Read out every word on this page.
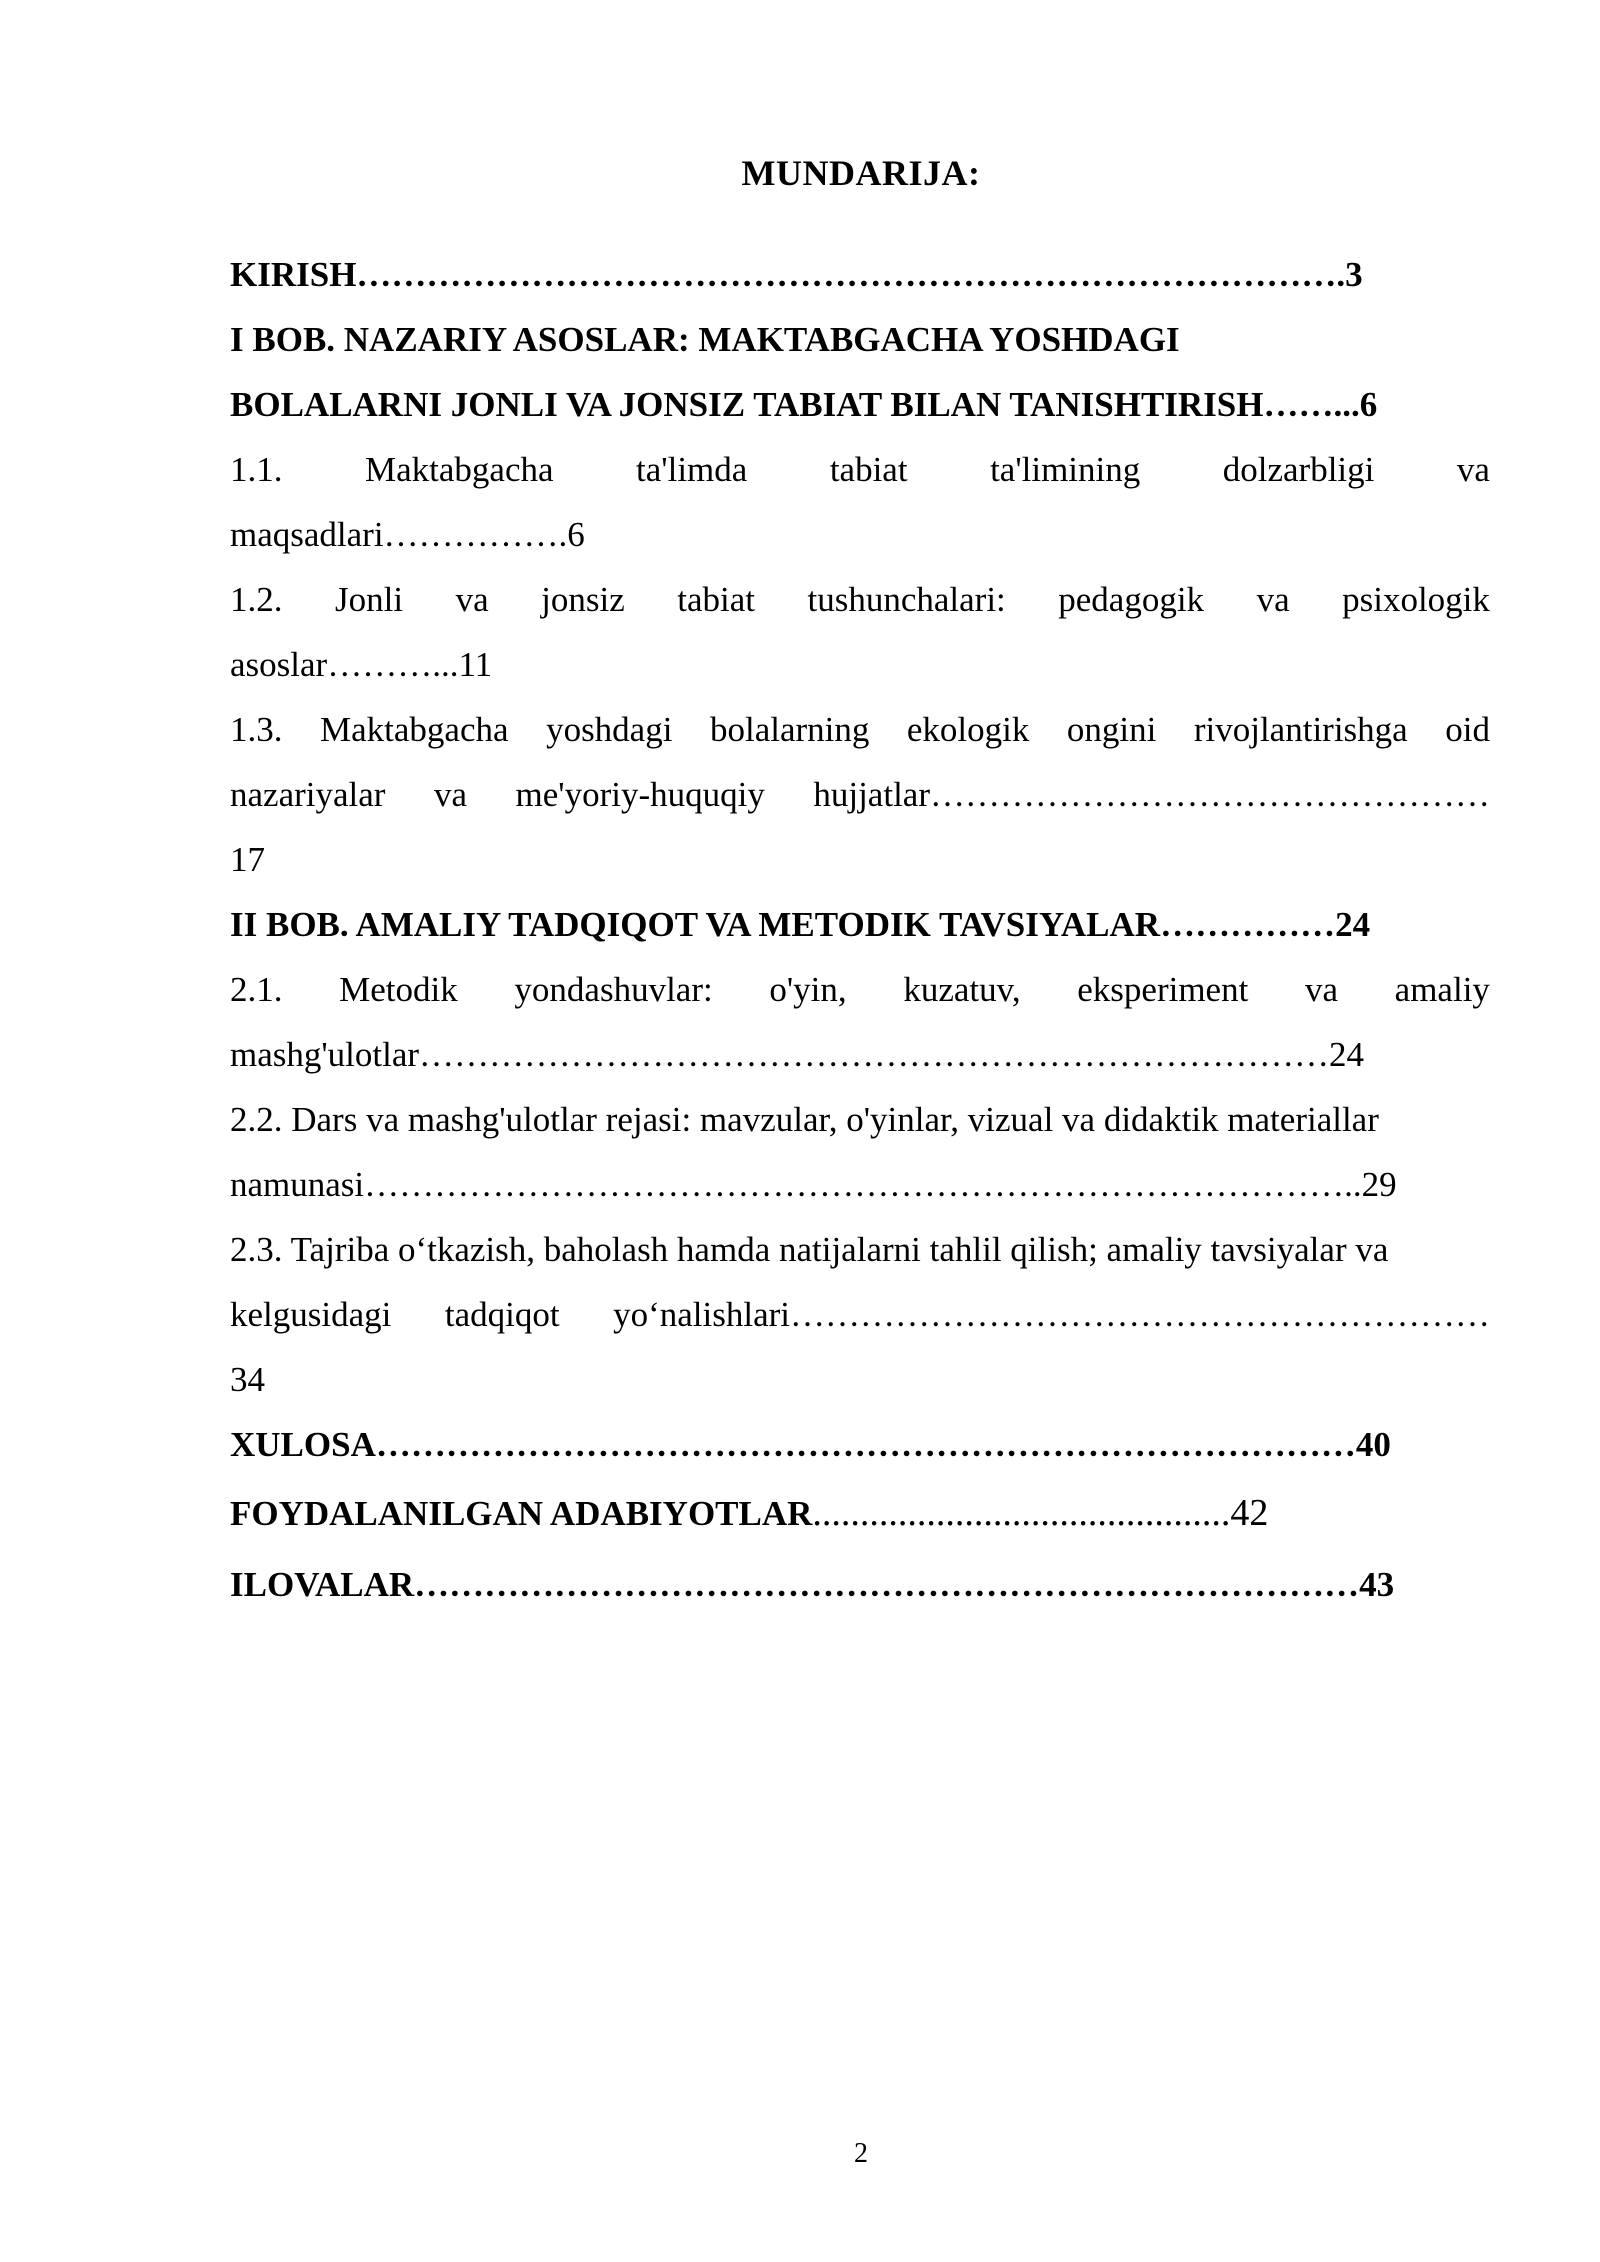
MUNDARIJA:
KIRISH………………………………………………………………………….3
I BOB. NAZARIY ASOSLAR: MAKTABGACHA YOSHDAGI
BOLALARNI JONLI VA JONSIZ TABIAT BILAN TANISHTIRISH……...6
1.1. Maktabgacha ta'limda tabiat ta'limining dolzarbligi va
maqsadlari…………….6
1.2. Jonli va jonsiz tabiat tushunchalari: pedagogik va psixologik
asoslar………...11
1.3. Maktabgacha yoshdagi bolalarning ekologik ongini rivojlantirishga oid
nazariyalar va me'yoriy-huquqiy hujjatlar…………………………………………
17
II BOB. AMALIY TADQIQOT VA METODIK TAVSIYALAR……………24
2.1. Metodik yondashuvlar: o'yin, kuzatuv, eksperiment va amaliy
mashg'ulotlar……………………………………………………………………24
2.2. Dars va mashg'ulotlar rejasi: mavzular, o'yinlar, vizual va didaktik materiallar
namunasi…………………………………………………………………………..29
2.3. Tajriba o‘tkazish, baholash hamda natijalarni tahlil qilish; amaliy tavsiyalar va
kelgusidagi tadqiqot yo‘nalishlari……………………………………………………
34
XULOSA…………………………………………………………………………40
FOYDALANILGAN ADABIYOTLAR............................................42
ILOVALAR………………………………………………………………………43
2
